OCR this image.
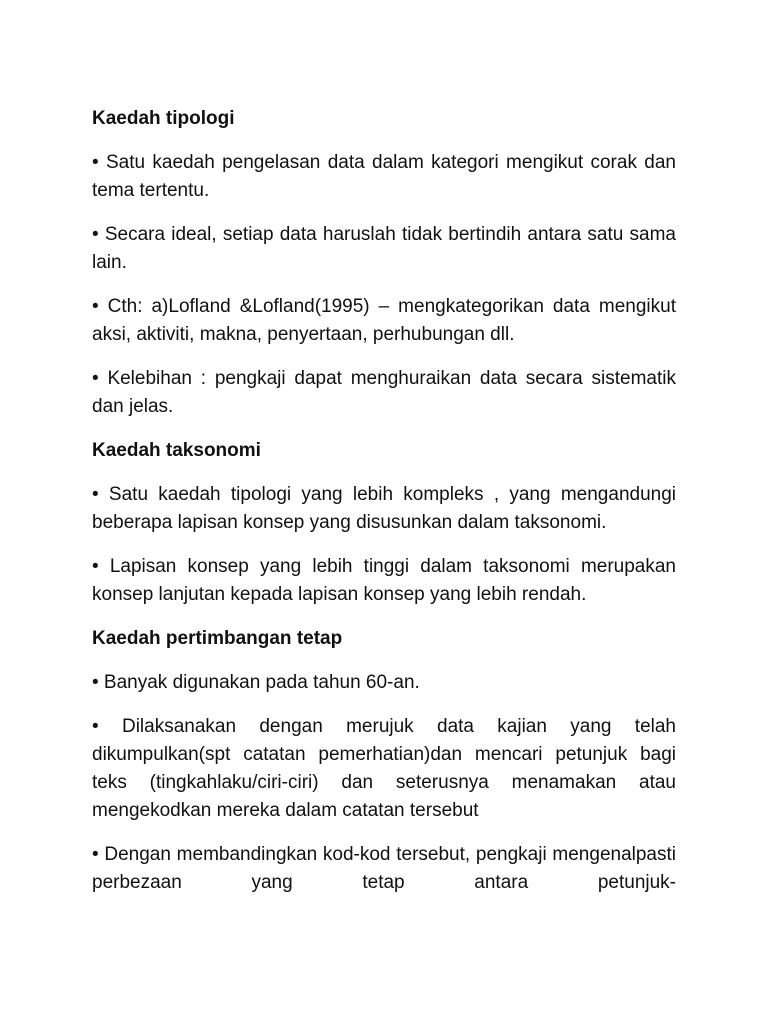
Kaedah tipologi

• Satu kaedah pengelasan data dalam kategori mengikut corak dan tema tertentu.

• Secara ideal, setiap data haruslah tidak bertindih antara satu sama lain.

• Cth: a)Lofland &Lofland(1995) – mengkategorikan data mengikut aksi, aktiviti, makna, penyertaan, perhubungan dll.

• Kelebihan : pengkaji dapat menghuraikan data secara sistematik dan jelas.

Kaedah taksonomi

• Satu kaedah tipologi yang lebih kompleks , yang mengandungi beberapa lapisan konsep yang disusunkan dalam taksonomi.

• Lapisan konsep yang lebih tinggi dalam taksonomi merupakan konsep lanjutan kepada lapisan konsep yang lebih rendah.

Kaedah pertimbangan tetap

• Banyak digunakan pada tahun 60-an.

• Dilaksanakan dengan merujuk data kajian yang telah dikumpulkan(spt catatan pemerhatian)dan mencari petunjuk bagi teks (tingkahlaku/ciri-ciri) dan seterusnya menamakan atau mengekodkan mereka dalam catatan tersebut

• Dengan membandingkan kod-kod tersebut, pengkaji mengenalpasti perbezaan yang tetap antara petunjuk-
